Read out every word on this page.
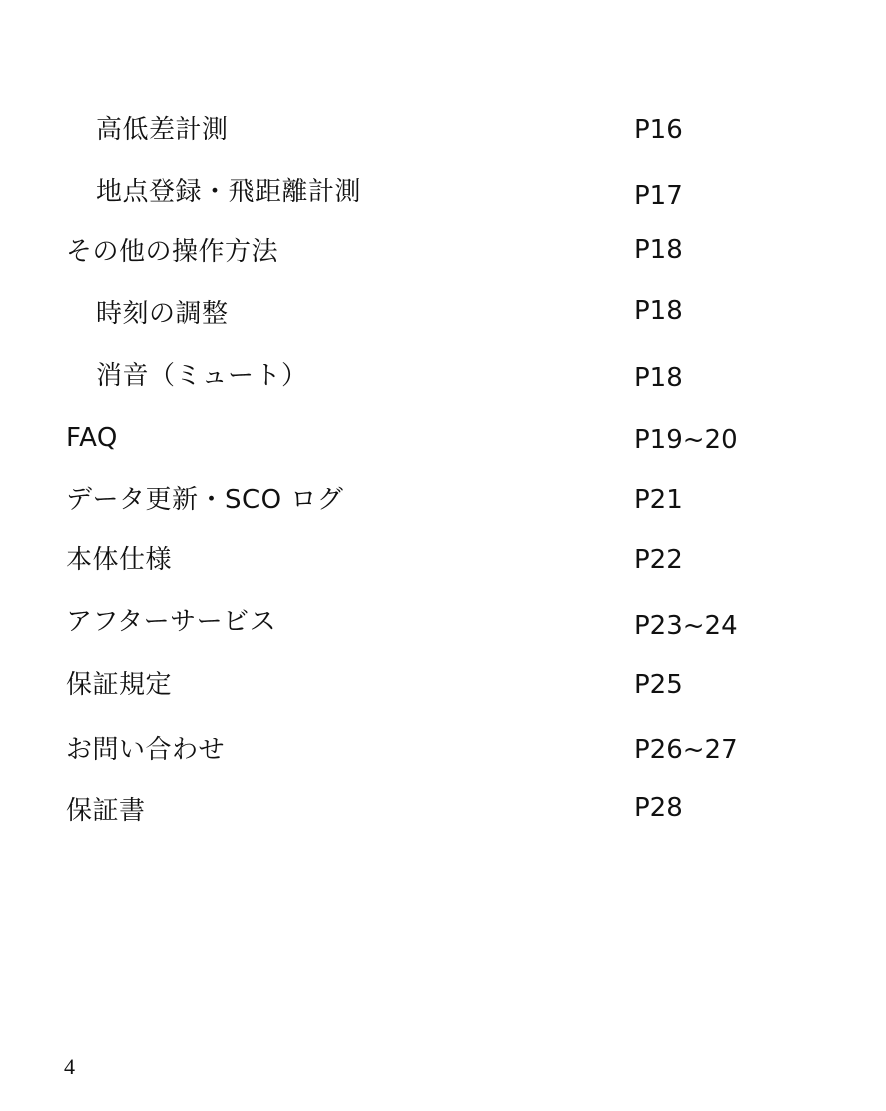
高低差計測	P16
地点登録・飛距離計測	P17
その他の操作方法	P18
時刻の調整	P18
消音（ミュート）	P18
FAQ	P19~20
データ更新・SCO ログ	P21
本体仕様	P22
アフターサービス	P23~24
保証規定	P25
お問い合わせ	P26~27
保証書	P28
4
